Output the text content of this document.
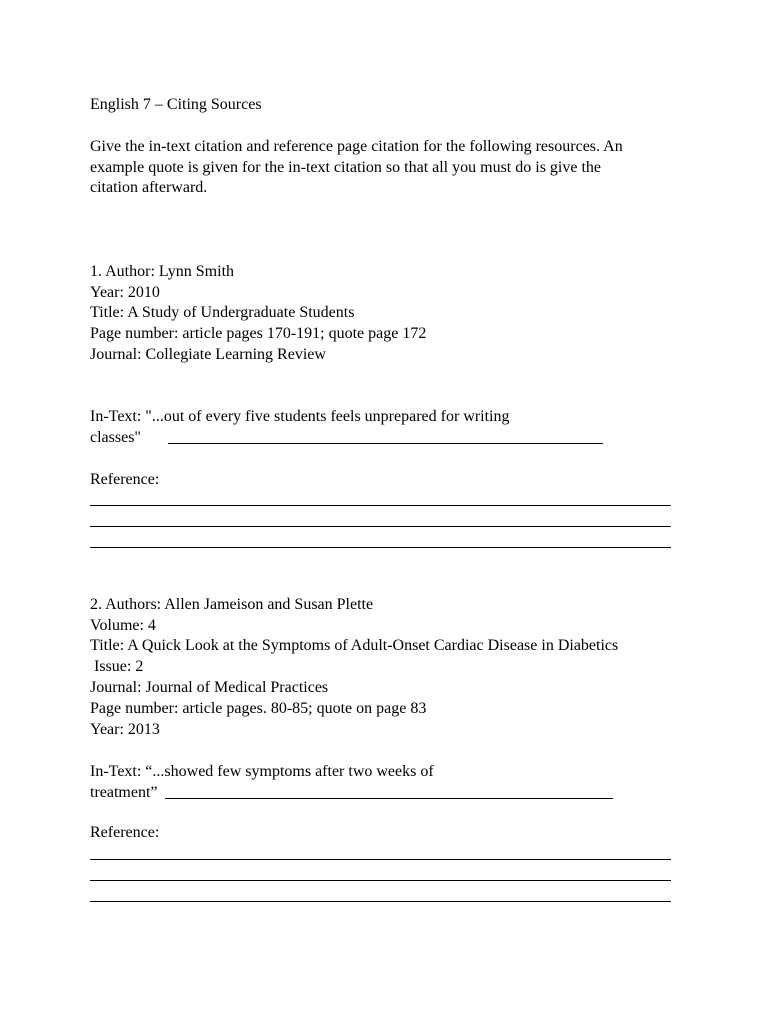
English 7 – Citing Sources
Give the in-text citation and reference page citation for the following resources. An
example quote is given for the in-text citation so that all you must do is give the
citation afterward.
1. Author: Lynn Smith
Year: 2010
Title: A Study of Undergraduate Students
Page number: article pages 170-191; quote page 172
Journal: Collegiate Learning Review
In-Text: "...out of every five students feels unprepared for writing
classes"
Reference:
2. Authors: Allen Jameison and Susan Plette
Volume: 4
Title: A Quick Look at the Symptoms of Adult-Onset Cardiac Disease in Diabetics
Issue: 2
Journal: Journal of Medical Practices
Page number: article pages. 80-85; quote on page 83
Year: 2013
In-Text: “...showed few symptoms after two weeks of
treatment”
Reference:
